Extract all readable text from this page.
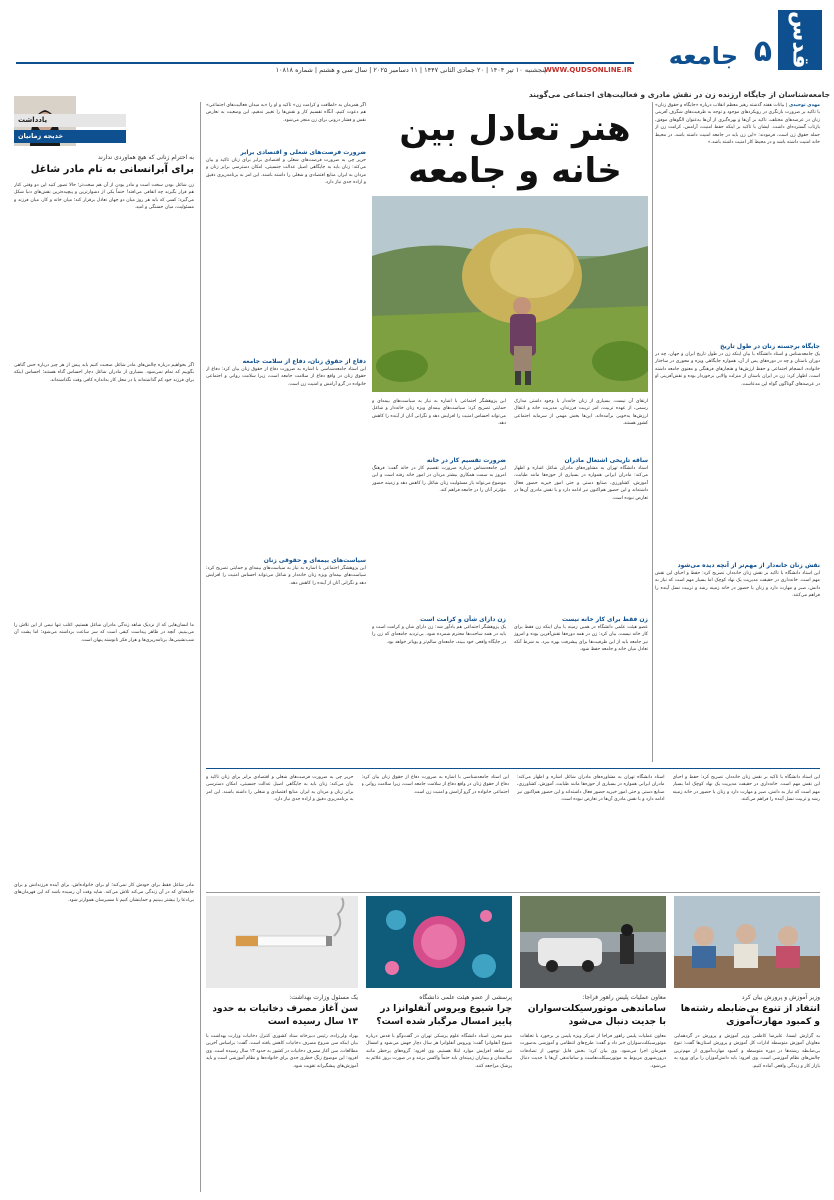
قدس
۵
جامعه
WWW.QUDSONLINE.IR
پنجشنبه ۱۰ تیر ۱۴۰۴ | ۲۰ جمادی الثانی ۱۴۴۷ | ۱۱ دسامبر ۲۰۲۵ | سال سی و هشتم | شماره ۱۰۸۱۸
جامعه‌شناسان از جایگاه ارزنده زن در نقش مادری و فعالیت‌های اجتماعی می‌گویند
مهدی توحیدی | بیانات هفته گذشته رهبر معظم انقلاب درباره «جایگاه و حقوق زنان» با تاکید بر ضرورت بازنگری در رویکردهای موجود و توجه به ظرفیت‌های شگرف آفرینی زنان در عرصه‌های مختلف، تاکید بر آن‌ها و بهره‌گیری از آن‌ها به‌عنوان الگوهای موفق، بازتاب گسترده‌ای داشت. ایشان با تاکید بر اینکه حفظ امنیت، آرامش، کرامت زن از جمله حقوق زن است، فرمودند: «این زن باید در جامعه امنیت داشته باشد، در محیط خانه امنیت داشته باشد و در محیط کار امنیت داشته باشد.»
جایگاه برجسته زنان در طول تاریخ
یک جامعه‌شناس و استاد دانشگاه با بیان اینکه زن در طول تاریخ ایران و جهان، چه در دوران باستان و چه در دوره‌های پس از آن، همواره جایگاهی ویژه و محوری در ساختار خانواده، انسجام اجتماعی و حفظ ارزش‌ها و هنجارهای فرهنگی و معنوی جامعه داشته است، اظهار کرد: زن در ایران باستان از منزلت والایی برخوردار بوده و نقش‌آفرینی او در عرصه‌های گوناگون گواه این مدعاست.
نقش زنان خانه‌دار از مهم‌تر از آنچه دیده می‌شود
این استاد دانشگاه با تاکید بر نقش زنان خانه‌دار، تصریح کرد: حفظ و احیای این نقش مهم است. خانه‌داری در حقیقت مدیریت یک نهاد کوچک اما بسیار مهم است که نیاز به دانش، صبر و مهارت دارد و زنان با حضور در خانه زمینه رشد و تربیت نسل آینده را فراهم می‌کنند.
هنر تعادل بین
خانه و جامعه
ارتقای آن نیست. بسیاری از زنان خانه‌دار با وجود داشتن مدارک رسمی، از عهده تربیت، امر تربیت فرزندان، مدیریت خانه و انتقال ارزش‌ها به‌خوبی برآمده‌اند. این‌ها بخش مهمی از سرمایه اجتماعی کشور هستند.
ساقه تاریخی اشتغال مادران
استاد دانشگاه تهران به مشاوره‌های مادران شاغل اشاره و اظهار می‌کند: مادران ایرانی همواره در بسیاری از حوزه‌ها مانند طبابت، آموزش، کشاورزی، صنایع دستی و حتی امور خیریه حضور فعال داشته‌اند و این حضور هم‌اکنون نیز ادامه دارد و با نقش مادری آن‌ها در تعارض نبوده است.
زن فقط برای کار خانه نیست
عضو هیئت علمی دانشگاه در همین زمینه با بیان اینکه زن فقط برای کار خانه نیست، بیان کرد: زن در همه دوره‌ها نقش‌آفرین بوده و امروز نیز جامعه باید از این ظرفیت‌ها برای پیشرفت بهره ببرد. به شرط آنکه تعادل میان خانه و جامعه حفظ شود.
این پژوهشگر اجتماعی با اشاره به نیاز به سیاست‌های بیمه‌ای و حمایتی تصریح کرد: سیاست‌های بیمه‌ای ویژه زنان خانه‌دار و شاغل می‌تواند احساس امنیت را افزایش دهد و نگرانی آنان از آینده را کاهش دهد.
ضرورت تقسیم کار در خانه
این جامعه‌شناس درباره ضرورت تقسیم کار در خانه گفت: فرهنگ امروز به سمت همکاری بیشتر مردان در امور خانه رفته است و این موضوع می‌تواند بار مسئولیت زنان شاغل را کاهش دهد و زمینه حضور مؤثرتر آنان را در جامعه فراهم کند.
زن دارای شأن و کرامت است
یک پژوهشگر اجتماعی هم یادآور شد: زن دارای شأن و کرامت است و باید در همه ساحت‌ها محترم شمرده شود. بی‌تردید جامعه‌ای که زن را در جایگاه واقعی خود ببیند، جامعه‌ای سالم‌تر و پویاتر خواهد بود.
اگر همزمان به «لطافت و کرامت زن» تاکید و او را «به میدان فعالیت‌های اجتماعی» هم دعوت کنیم، آنگاه تقسیم کار و نقش‌ها را تغییر ندهیم، این وضعیت به تعارض نقش و فشار درونی برای زن منجر می‌شود.
ضرورت فرصت‌های شغلی و اقتصادی برابر
حریر چی به ضرورت فرصت‌های شغلی و اقتصادی برابر برای زنان تاکید و بیان می‌کند: زنان باید به جایگاهی اصیل عدالت جنسیتی، امکان دسترسی برابر زنان و مردان به ابزار، منابع اقتصادی و شغلی را داشته باشند. این امر به برنامه‌ریزی دقیق و اراده جدی نیاز دارد.
دفاع از حقوق زنان، دفاع از سلامت جامعه
این استاد جامعه‌شناسی با اشاره به ضرورت دفاع از حقوق زنان بیان کرد: دفاع از حقوق زنان در واقع دفاع از سلامت جامعه است، زیرا سلامت روانی و اجتماعی خانواده در گرو آرامش و امنیت زن است.
سیاست‌های بیمه‌ای و حقوقی زنان
این پژوهشگر اجتماعی با اشاره به نیاز به سیاست‌های بیمه‌ای و حمایتی تصریح کرد: سیاست‌های بیمه‌ای ویژه زنان خانه‌دار و شاغل می‌تواند احساس امنیت را افزایش دهد و نگرانی آنان از آینده را کاهش دهد.
یادداشت
خدیجه زمانیان
به احترام زنانی که هیچ هماوردی ندارند
برای آبرانسانی به نام مادر شاغل
زن شاغل بودن سخت است و مادر بودن از آن هم سخت‌تر؛ حالا تصور کنید این دو وقتی کنار هم قرار بگیرند چه اتفاقی می‌افتد! حتماً یکی از دشوارترین و پیچیده‌ترین نقش‌های دنیا شکل می‌گیرد؛ کسی که باید هر روز میان دو جهان تعادل برقرار کند؛ میان خانه و کار، میان فرزند و مسئولیت، میان خستگی و امید.
اگر بخواهیم درباره چالش‌های مادر شاغل صحبت کنیم باید پیش از هر چیز درباره حس گناهی بگوییم که تمام نمی‌شود. بسیاری از مادران شاغل دچار احساس گناه هستند؛ احساس اینکه برای فرزند خود کم گذاشته‌اند یا در محل کار به‌اندازه کافی وقت نگذاشته‌اند.
ما انسان‌هایی که از نزدیک شاهد زندگی مادران شاغل هستیم، اغلب تنها نیمی از این تلاش را می‌بینیم. آنچه در ظاهر پیداست کیفی است که سر ساعت برداشته می‌شود؛ اما پشت آن شب‌نشینی‌ها، برنامه‌ریزی‌ها و هزار فکر نانوشته پنهان است.
مادر شاغل فقط برای خودش کار نمی‌کند؛ او برای خانواده‌اش، برای آینده فرزندانش و برای جامعه‌ای که در آن زندگی می‌کند تلاش می‌کند. شاید وقت آن رسیده باشد که این قهرمان‌های بی‌ادعا را بیشتر ببینیم و حمایتشان کنیم تا مسیرشان هموارتر شود.
وزیر آموزش و پرورش بیان کرد
انتقاد از تنوع بی‌ضابطه رشته‌ها و کمبود مهارت‌آموزی
به گزارش ایسنا، علیرضا کاظمی وزیر آموزش و پرورش در گردهمایی معاونان آموزش متوسطه ادارات کل آموزش و پرورش استان‌ها گفت: تنوع بی‌ضابطه رشته‌ها در دوره متوسطه و کمبود مهارت‌آموزی از مهم‌ترین چالش‌های نظام آموزشی است. وی افزود: باید دانش‌آموزان را برای ورود به بازار کار و زندگی واقعی آماده کنیم.
معاون عملیات پلیس راهور فراجا:
ساماندهی موتورسیکلت‌سواران با جدیت دنبال می‌شود
معاون عملیات پلیس راهور فراجا از تمرکز ویژه پلیس بر برخورد با تخلفات موتورسیکلت‌سواران خبر داد و گفت: طرح‌های انتظامی و آموزشی به‌صورت همزمان اجرا می‌شود. وی بیان کرد: بخش قابل توجهی از تصادفات درون‌شهری مربوط به موتورسیکلت‌هاست و ساماندهی آن‌ها با جدیت دنبال می‌شود.
پرسشی از عضو هیئت علمی دانشگاه
چرا شیوع ویروس آنفلوانزا در پاییز امسال مرگبار شده است؟
مینو محرز، استاد دانشگاه علوم پزشکی تهران در گفت‌وگو با قدس درباره شیوع آنفلوانزا گفت: ویروس آنفلوانزا هر سال دچار جهش می‌شود و امسال نیز شاهد افزایش موارد ابتلا هستیم. وی افزود: گروه‌های پرخطر مانند سالمندان و بیماران زمینه‌ای باید حتماً واکسن بزنند و در صورت بروز علائم به پزشک مراجعه کنند.
یک مسئول وزارت بهداشت:
سن آغاز مصرف دخانیات به حدود ۱۳ سال رسیده است
بهزاد ولی‌زاده، رئیس دبیرخانه ستاد کشوری کنترل دخانیات وزارت بهداشت با بیان اینکه سن شروع مصرف دخانیات کاهش یافته است، گفت: براساس آخرین مطالعات، سن آغاز مصرف دخانیات در کشور به حدود ۱۳ سال رسیده است. وی افزود: این موضوع زنگ خطری جدی برای خانواده‌ها و نظام آموزشی است و باید آموزش‌های پیشگیرانه تقویت شود.
این استاد دانشگاه با تاکید بر نقش زنان خانه‌دار، تصریح کرد: حفظ و احیای این نقش مهم است. خانه‌داری در حقیقت مدیریت یک نهاد کوچک اما بسیار مهم است که نیاز به دانش، صبر و مهارت دارد و زنان با حضور در خانه زمینه رشد و تربیت نسل آینده را فراهم می‌کنند.
استاد دانشگاه تهران به مشاوره‌های مادران شاغل اشاره و اظهار می‌کند: مادران ایرانی همواره در بسیاری از حوزه‌ها مانند طبابت، آموزش، کشاورزی، صنایع دستی و حتی امور خیریه حضور فعال داشته‌اند و این حضور هم‌اکنون نیز ادامه دارد و با نقش مادری آن‌ها در تعارض نبوده است.
این استاد جامعه‌شناسی با اشاره به ضرورت دفاع از حقوق زنان بیان کرد: دفاع از حقوق زنان در واقع دفاع از سلامت جامعه است، زیرا سلامت روانی و اجتماعی خانواده در گرو آرامش و امنیت زن است.
حریر چی به ضرورت فرصت‌های شغلی و اقتصادی برابر برای زنان تاکید و بیان می‌کند: زنان باید به جایگاهی اصیل عدالت جنسیتی، امکان دسترسی برابر زنان و مردان به ابزار، منابع اقتصادی و شغلی را داشته باشند. این امر به برنامه‌ریزی دقیق و اراده جدی نیاز دارد.
